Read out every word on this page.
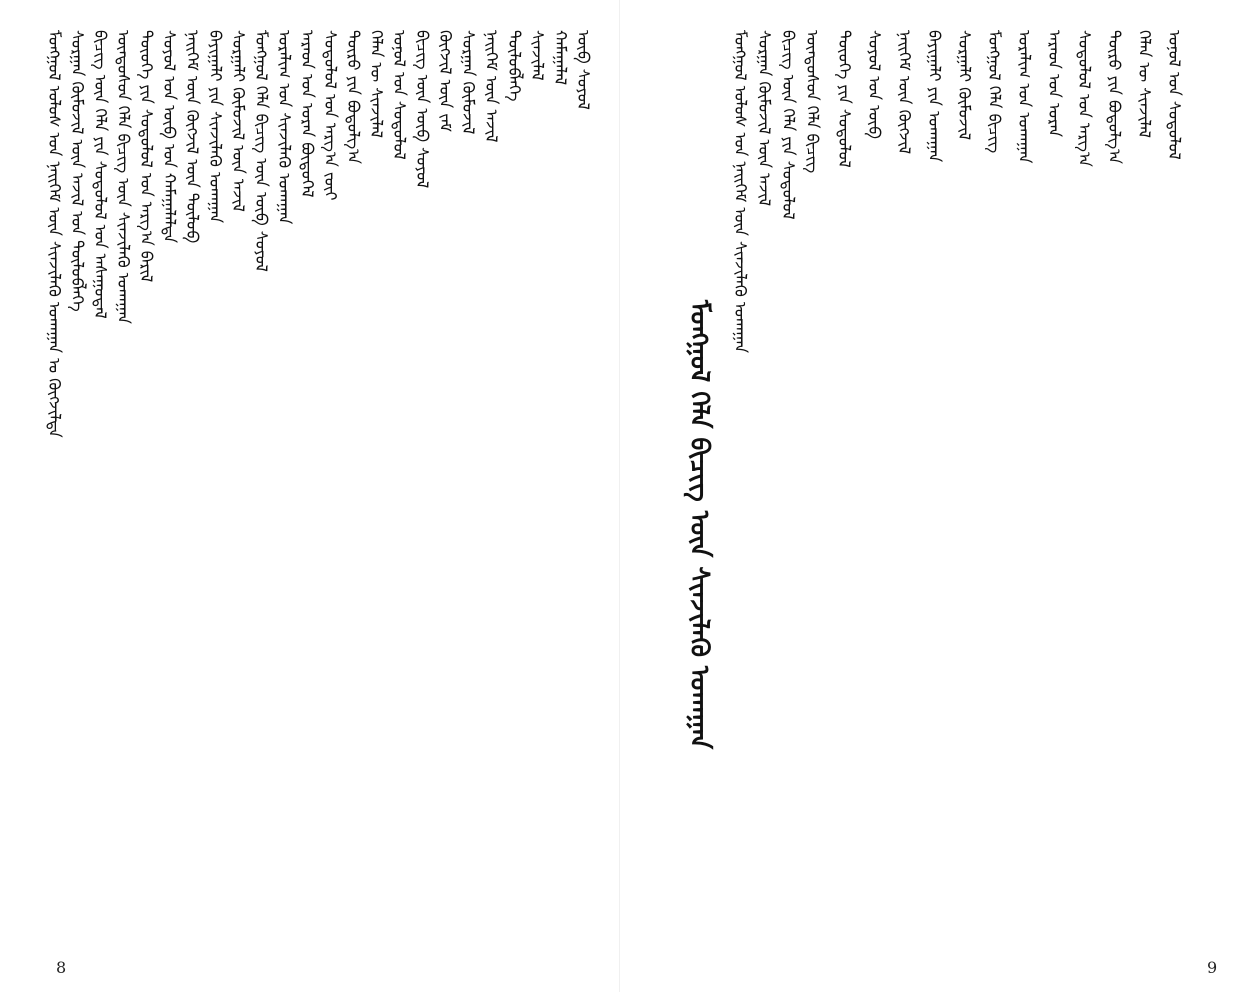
ᠮᠣᠩᠭᠣᠯ ᠤᠯᠤᠰ ᠤᠨ ᠨᠡᠢᠭᠡᠮ ᠦᠨ ᠰᠢᠨᠵᠢᠯᠡᠬᠦ ᠤᠬᠠᠭᠠᠨ ᠤ ᠬᠥᠭᠵᠢᠯᠲᠡ ᠰᠤᠷᠭᠠᠨ ᠬᠦᠮᠦᠵᠢᠯ ᠦᠨ ᠠᠵᠢᠯ ᠤᠨ ᠲᠥᠯᠥᠪᠯᠡᠭᠡ ᠪᠢᠴᠢᠭ ᠦᠨ ᠬᠡᠯᠡ ᠶᠢᠨ ᠰᠤᠳᠤᠯᠤᠯ ᠤᠨ ᠠᠰᠠᠭᠤᠳᠠᠯ ᠦᠨᠳᠦᠰᠦᠨ ᠬᠡᠯᠡ ᠪᠢᠴᠢᠭ ᠦᠨ ᠰᠢᠨᠵᠢᠯᠡᠬᠦ ᠤᠬᠠᠭᠠᠨ ᠲᠦᠦᠬᠡ ᠶᠢᠨ ᠰᠤᠳᠤᠯᠤᠯ ᠤᠨ ᠠᠷᠭ᠎ᠠ ᠪᠠᠷᠢᠯ ᠰᠤᠶᠤᠯ ᠤᠨ ᠥᠪ ᠤᠨ ᠬᠠᠮᠠᠭᠠᠯᠠᠯᠲᠠ ᠨᠡᠢᠭᠡᠮ ᠦᠨ ᠬᠥᠭᠵᠢᠯ ᠦᠨ ᠲᠥᠯᠥᠪ ᠪᠠᠶᠢᠭᠠᠯᠢ ᠶᠢᠨ ᠰᠢᠨᠵᠢᠯᠡᠬᠦ ᠤᠬᠠᠭᠠᠨ ᠰᠤᠷᠭᠠᠯᠢ ᠬᠦᠮᠦᠵᠢᠯ ᠦᠨ ᠠᠵᠢᠯ ᠮᠣᠩᠭᠣᠯ ᠬᠡᠯᠡ ᠪᠢᠴᠢᠭ ᠦᠨ ᠥᠪ ᠰᠤᠶᠤᠯ ᠤᠷᠠᠯᠢᠭ ᠤᠨ ᠰᠢᠨᠵᠢᠯᠡᠬᠦ ᠤᠬᠠᠭᠠᠨ ᠠᠷᠠᠳ ᠤᠨ ᠤᠷᠠᠨ ᠪᠦᠲᠦᠭᠡᠯ ᠰᠤᠳᠤᠯᠤᠯ ᠤᠨ ᠠᠷᠭ᠎ᠠ ᠵᠦᠢ ᠲᠥᠷᠥ ᠶᠢᠨ ᠪᠣᠳᠣᠯᠭ᠎ᠠ ᠬᠡᠯᠡᠨ ᠦ ᠰᠢᠨᠵᠢᠯᠡᠯ ᠣᠨᠣᠯ ᠤᠨ ᠰᠤᠳᠤᠯᠤᠯ ᠪᠢᠴᠢᠭ ᠦᠨ ᠥᠪ ᠰᠤᠶᠤᠯ ᠬᠥᠭᠵᠢᠯ ᠦᠨ ᠵᠠᠮ ᠰᠤᠷᠭᠠᠨ ᠬᠦᠮᠦᠵᠢᠯ ᠨᠡᠢᠭᠡᠮ ᠦᠨ ᠠᠵᠢᠯ ᠲᠥᠯᠥᠪᠯᠡᠭᠡ ᠰᠢᠨᠵᠢᠯᠡᠯ ᠬᠠᠮᠠᠭᠠᠯᠠᠯ ᠥᠪ ᠰᠤᠶᠤᠯ
8
ᠮᠣᠩᠭᠣᠯ ᠤᠯᠤᠰ ᠤᠨ ᠨᠡᠢᠭᠡᠮ ᠦᠨ ᠰᠢᠨᠵᠢᠯᠡᠬᠦ ᠤᠬᠠᠭᠠᠨ ᠰᠤᠷᠭᠠᠨ ᠬᠦᠮᠦᠵᠢᠯ ᠦᠨ ᠠᠵᠢᠯ ᠪᠢᠴᠢᠭ ᠦᠨ ᠬᠡᠯᠡ ᠶᠢᠨ ᠰᠤᠳᠤᠯᠤᠯ ᠦᠨᠳᠦᠰᠦᠨ ᠬᠡᠯᠡ ᠪᠢᠴᠢᠭ ᠲᠦᠦᠬᠡ ᠶᠢᠨ ᠰᠤᠳᠤᠯᠤᠯ ᠰᠤᠶᠤᠯ ᠤᠨ ᠥᠪ ᠨᠡᠢᠭᠡᠮ ᠦᠨ ᠬᠥᠭᠵᠢᠯ ᠪᠠᠶᠢᠭᠠᠯᠢ ᠶᠢᠨ ᠤᠬᠠᠭᠠᠨ ᠰᠤᠷᠭᠠᠯᠢ ᠬᠦᠮᠦᠵᠢᠯ ᠮᠣᠩᠭᠣᠯ ᠬᠡᠯᠡ ᠪᠢᠴᠢᠭ ᠤᠷᠠᠯᠢᠭ ᠤᠨ ᠤᠬᠠᠭᠠᠨ ᠠᠷᠠᠳ ᠤᠨ ᠤᠷᠠᠨ ᠰᠤᠳᠤᠯᠤᠯ ᠤᠨ ᠠᠷᠭ᠎ᠠ ᠲᠥᠷᠥ ᠶᠢᠨ ᠪᠣᠳᠣᠯᠭ᠎ᠠ ᠬᠡᠯᠡᠨ ᠦ ᠰᠢᠨᠵᠢᠯᠡᠯ ᠣᠨᠣᠯ ᠤᠨ ᠰᠤᠳᠤᠯᠤᠯ
ᠮᠣᠩᠭᠣᠯ ᠬᠡᠯᠡ ᠪᠢᠴᠢᠭ ᠦᠨ ᠰᠢᠨᠵᠢᠯᠡᠬᠦ ᠤᠬᠠᠭᠠᠨ
9
